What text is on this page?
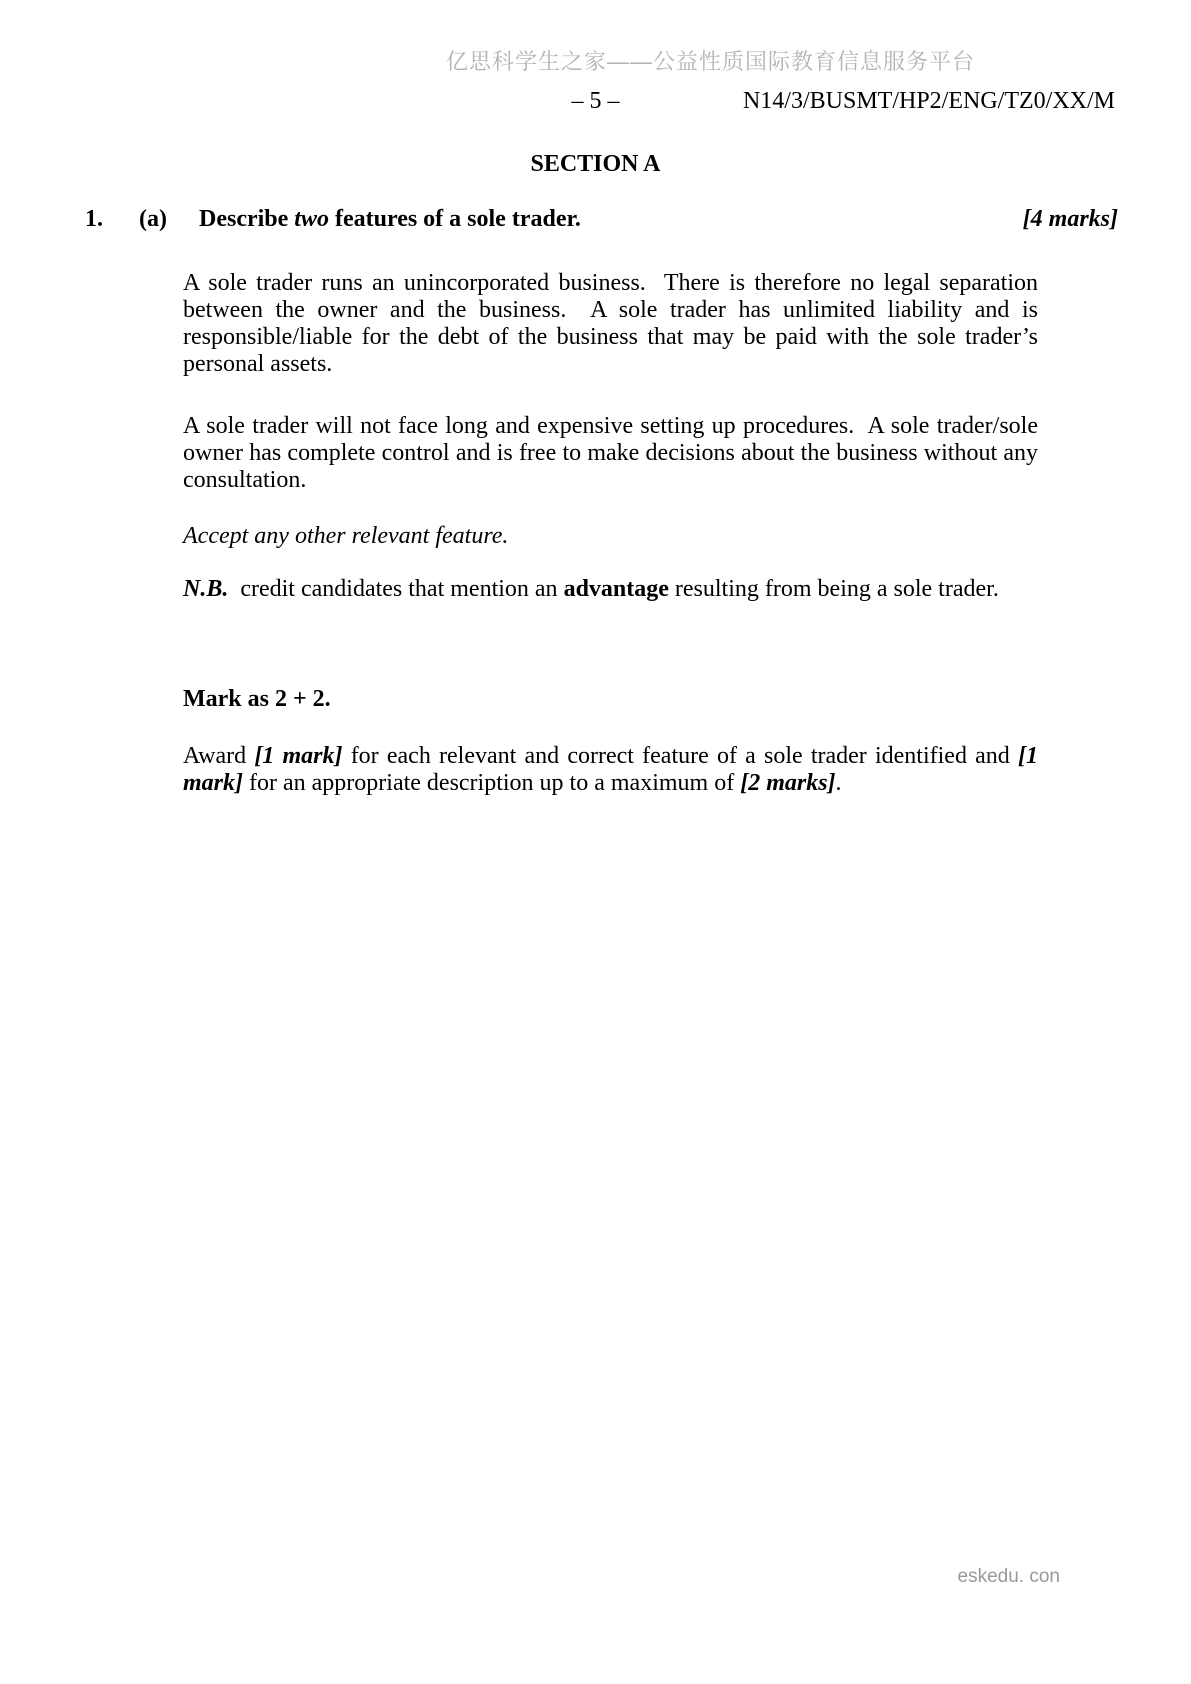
亿思科学生之家——公益性质国际教育信息服务平台
– 5 –	N14/3/BUSMT/HP2/ENG/TZ0/XX/M
SECTION A
1. (a) Describe two features of a sole trader.	[4 marks]
A sole trader runs an unincorporated business.  There is therefore no legal separation between the owner and the business.  A sole trader has unlimited liability and is responsible/liable for the debt of the business that may be paid with the sole trader’s personal assets.
A sole trader will not face long and expensive setting up procedures.  A sole trader/sole owner has complete control and is free to make decisions about the business without any consultation.
Accept any other relevant feature.
N.B.  credit candidates that mention an advantage resulting from being a sole trader.
Mark as 2 + 2.
Award [1 mark] for each relevant and correct feature of a sole trader identified and [1 mark] for an appropriate description up to a maximum of [2 marks].
eskedu. con
